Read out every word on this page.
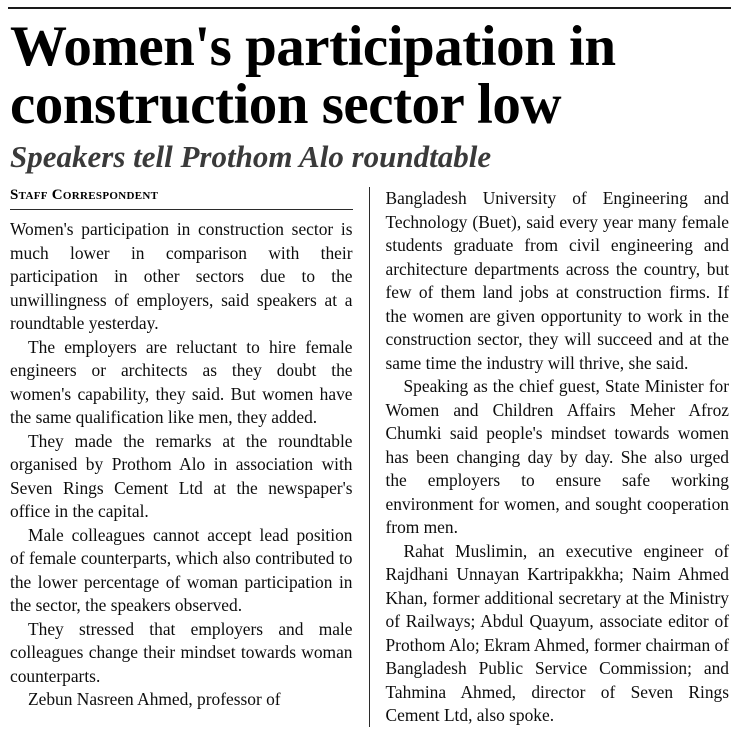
Women's participation in
construction sector low
Speakers tell Prothom Alo roundtable
Staff Correspondent

Women's participation in construction sector is much lower in comparison with their participation in other sectors due to the unwillingness of employers, said speakers at a roundtable yesterday.

The employers are reluctant to hire female engineers or architects as they doubt the women's capability, they said. But women have the same qualification like men, they added.

They made the remarks at the roundtable organised by Prothom Alo in association with Seven Rings Cement Ltd at the newspaper's office in the capital.

Male colleagues cannot accept lead position of female counterparts, which also contributed to the lower percentage of woman participation in the sector, the speakers observed.

They stressed that employers and male colleagues change their mindset towards woman counterparts.

Zebun Nasreen Ahmed, professor of

Bangladesh University of Engineering and Technology (Buet), said every year many female students graduate from civil engineering and architecture departments across the country, but few of them land jobs at construction firms. If the women are given opportunity to work in the construction sector, they will succeed and at the same time the industry will thrive, she said.

Speaking as the chief guest, State Minister for Women and Children Affairs Meher Afroz Chumki said people's mindset towards women has been changing day by day. She also urged the employers to ensure safe working environment for women, and sought cooperation from men.

Rahat Muslimin, an executive engineer of Rajdhani Unnayan Kartripakkha; Naim Ahmed Khan, former additional secretary at the Ministry of Railways; Abdul Quayum, associate editor of Prothom Alo; Ekram Ahmed, former chairman of Bangladesh Public Service Commission; and Tahmina Ahmed, director of Seven Rings Cement Ltd, also spoke.
